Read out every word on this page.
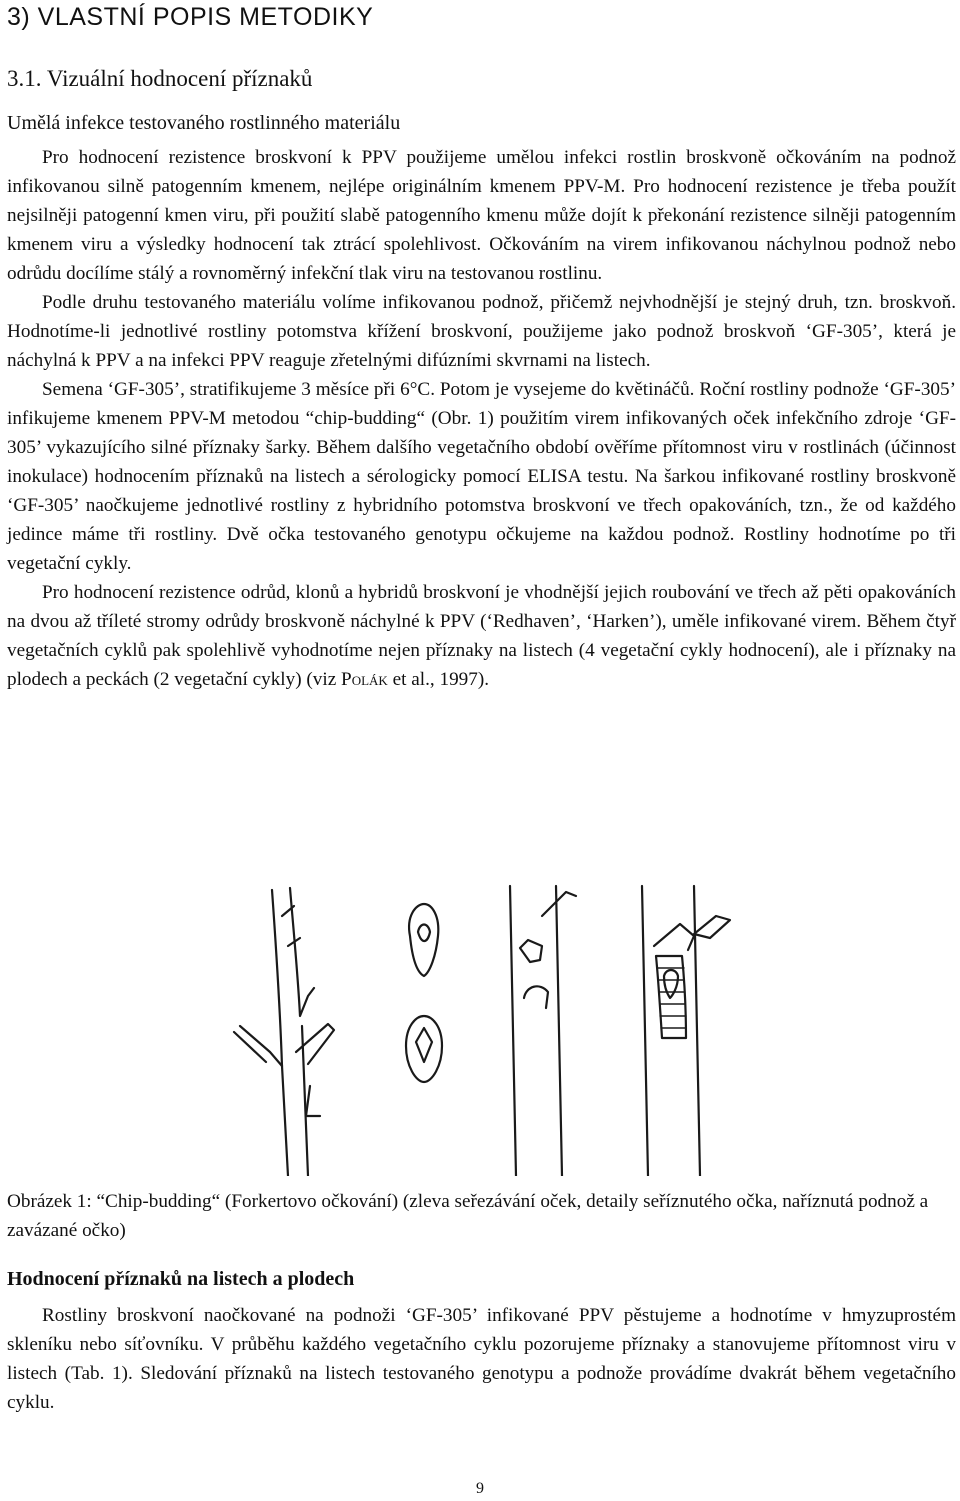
3) VLASTNÍ POPIS METODIKY
3.1. Vizuální hodnocení příznaků
Umělá infekce testovaného rostlinného materiálu

Pro hodnocení rezistence broskvoní k PPV použijeme umělou infekci rostlin broskvoně očkováním na podnož infikovanou silně patogenním kmenem, nejlépe originálním kmenem PPV-M. Pro hodnocení rezistence je třeba použít nejsilněji patogenní kmen viru, při použití slabě patogenního kmenu může dojít k překonání rezistence silněji patogenním kmenem viru a výsledky hodnocení tak ztrácí spolehlivost. Očkováním na virem infikovanou náchylnou podnož nebo odrůdu docílíme stálý a rovnoměrný infekční tlak viru na testovanou rostlinu.

Podle druhu testovaného materiálu volíme infikovanou podnož, přičemž nejvhodnější je stejný druh, tzn. broskvoň. Hodnotíme-li jednotlivé rostliny potomstva křížení broskvoní, použijeme jako podnož broskvoň ‘GF-305’, která je náchylná k PPV a na infekci PPV reaguje zřetelnými difúzními skvrnami na listech.

Semena ‘GF-305’, stratifikujeme 3 měsíce při 6°C. Potom je vysejeme do květináčů. Roční rostliny podnože ‘GF-305’ infikujeme kmenem PPV-M metodou “chip-budding“ (Obr. 1) použitím virem infikovaných oček infekčního zdroje ‘GF-305’ vykazujícího silné příznaky šarky. Během dalšího vegetačního období ověříme přítomnost viru v rostlinách (účinnost inokulace) hodnocením příznaků na listech a sérologicky pomocí ELISA testu. Na šarkou infikované rostliny broskvoně ‘GF-305’ naočkujeme jednotlivé rostliny z hybridního potomstva broskvoní ve třech opakováních, tzn., že od každého jedince máme tři rostliny. Dvě očka testovaného genotypu očkujeme na každou podnož. Rostliny hodnotíme po tři vegetační cykly.

Pro hodnocení rezistence odrůd, klonů a hybridů broskvoní je vhodnější jejich roubování ve třech až pěti opakováních na dvou až tříleté stromy odrůdy broskvoně náchylné k PPV (‘Redhaven’, ‘Harken’), uměle infikované virem. Během čtyř vegetačních cyklů pak spolehlivě vyhodnotíme nejen příznaky na listech (4 vegetační cykly hodnocení), ale i příznaky na plodech a peckách (2 vegetační cykly) (viz Polák et al., 1997).

Obrázek 1: “Chip-budding“ (Forkertovo očkování) (zleva seřezávání oček, detaily seříznutého očka, naříznutá podnož a zavázané očko)

Hodnocení příznaků na listech a plodech

Rostliny broskvoní naočkované na podnoži ‘GF-305’ infikované PPV pěstujeme a hodnotíme v hmyzuprostém skleníku nebo síťovníku. V průběhu každého vegetačního cyklu pozorujeme příznaky a stanovujeme přítomnost viru v listech (Tab. 1). Sledování příznaků na listech testovaného genotypu a podnože provádíme dvakrát během vegetačního cyklu.

9
